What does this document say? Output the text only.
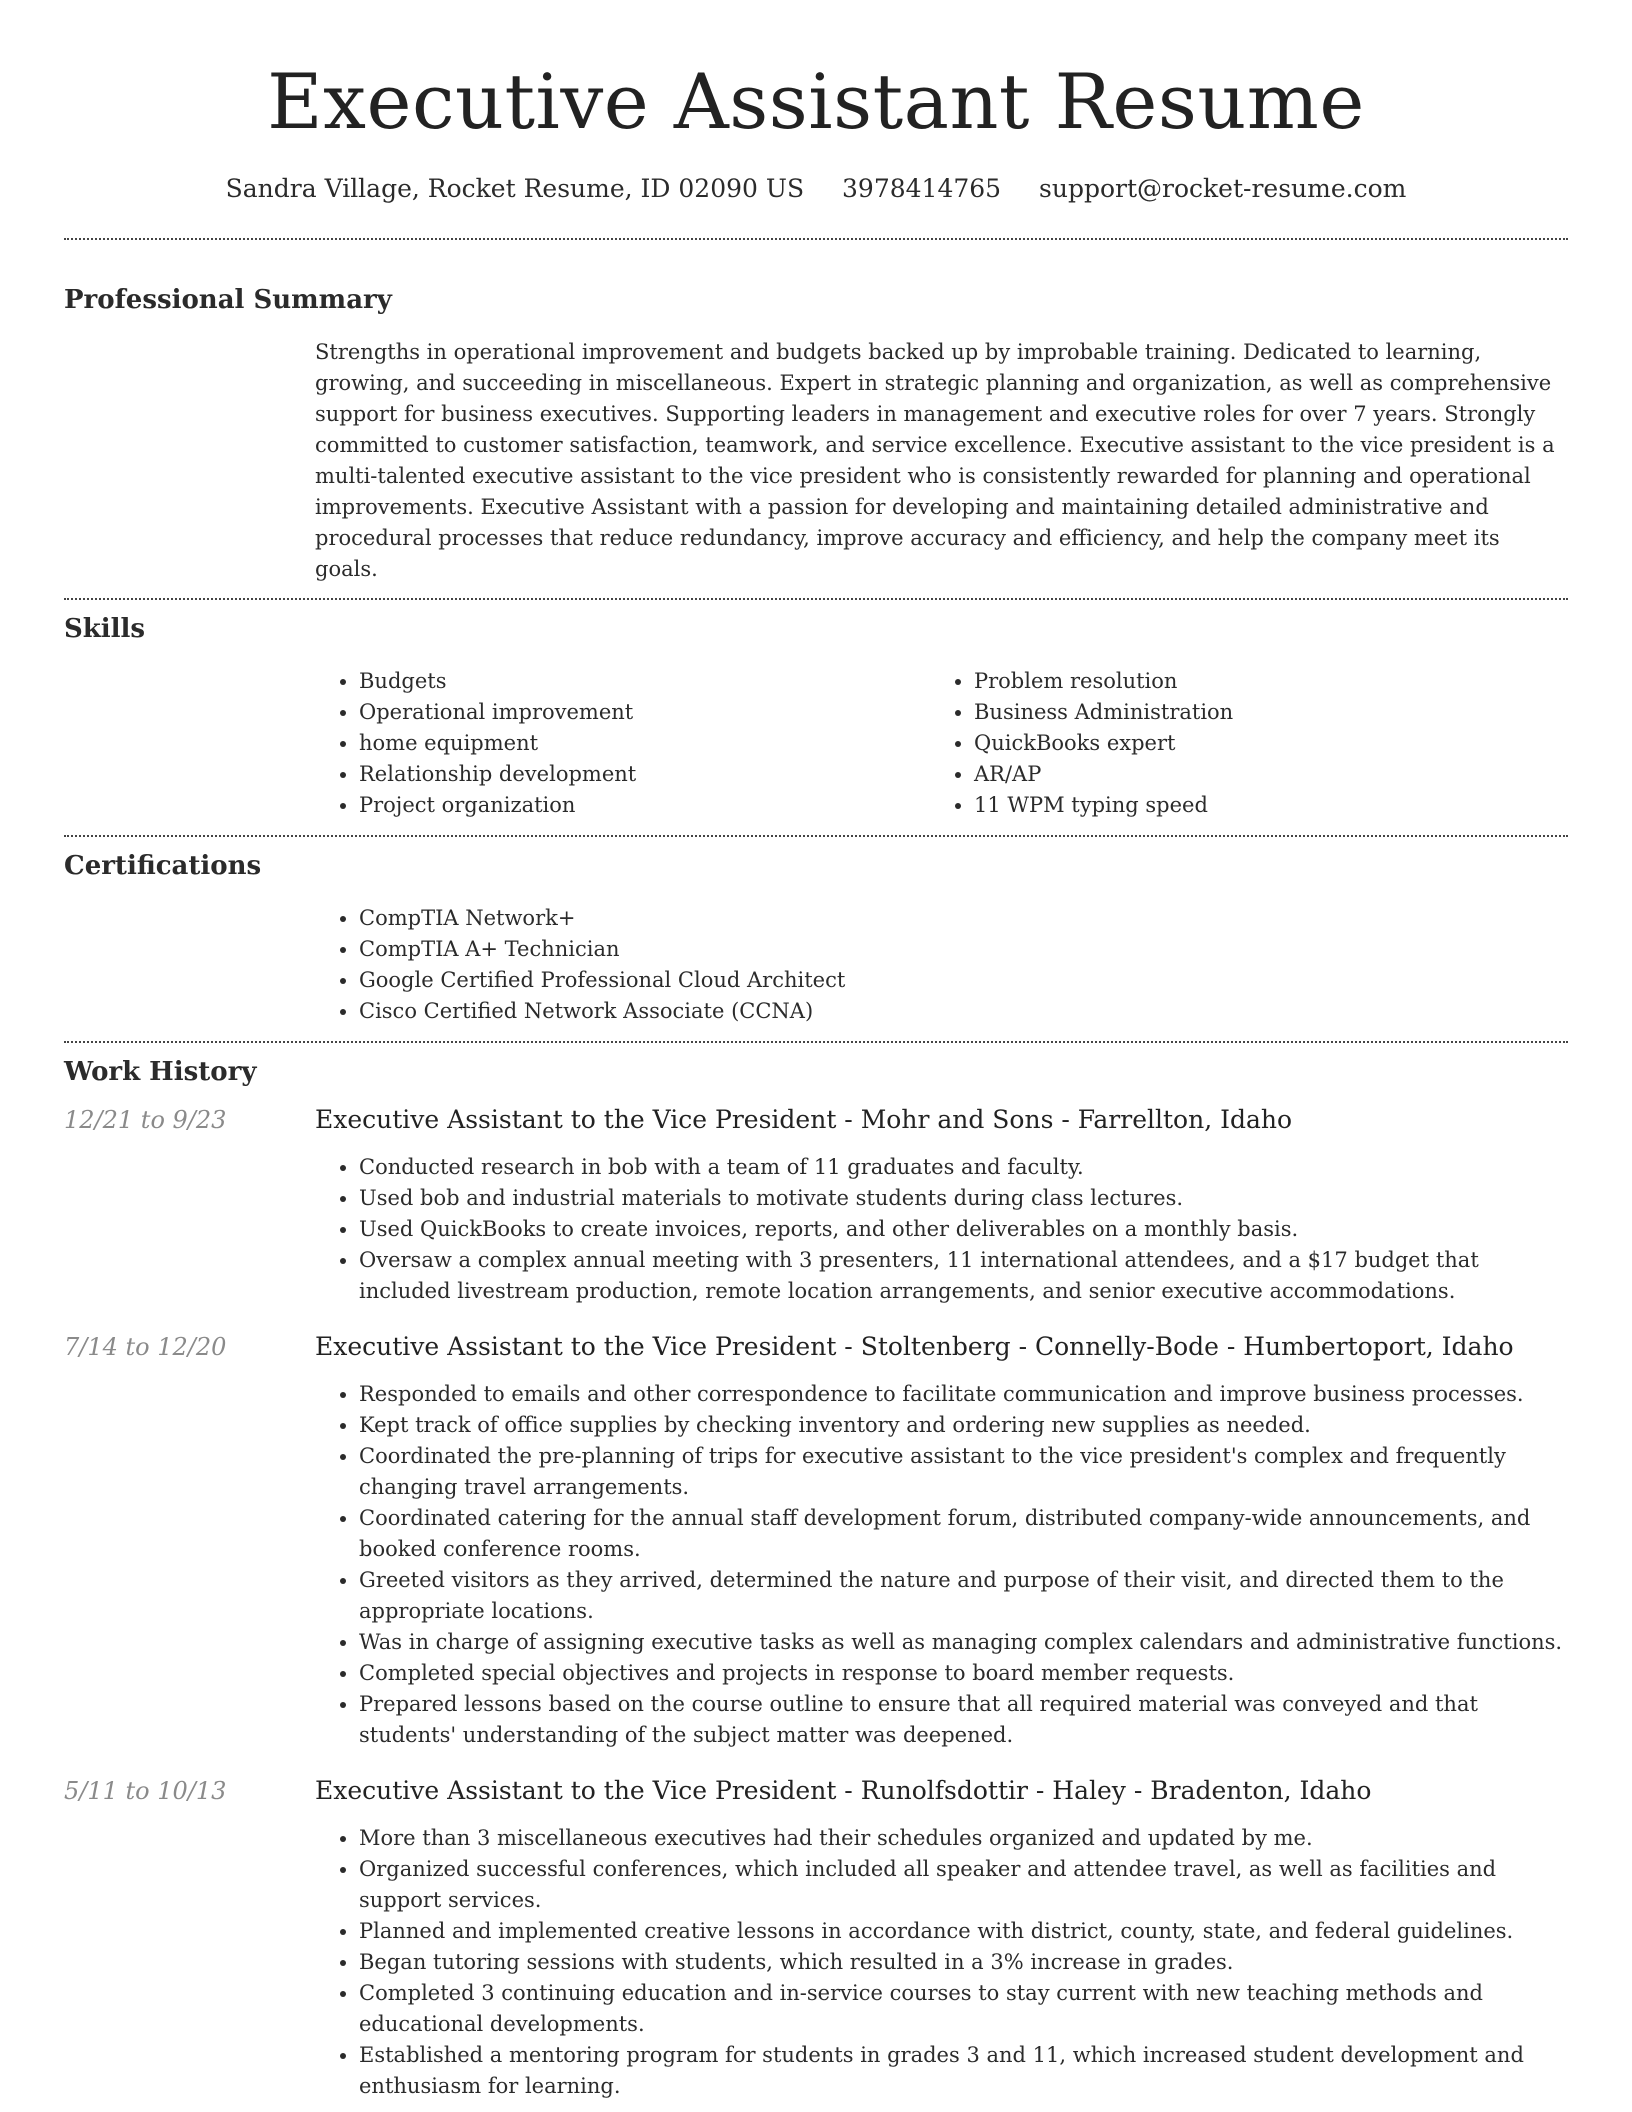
Executive Assistant Resume
Sandra Village, Rocket Resume, ID 02090 US 3978414765 support@rocket-resume.com
Professional Summary

Strengths in operational improvement and budgets backed up by improbable training. Dedicated to learning, growing, and succeeding in miscellaneous. Expert in strategic planning and organization, as well as comprehensive support for business executives. Supporting leaders in management and executive roles for over 7 years. Strongly committed to customer satisfaction, teamwork, and service excellence. Executive assistant to the vice president is a multi-talented executive assistant to the vice president who is consistently rewarded for planning and operational improvements. Executive Assistant with a passion for developing and maintaining detailed administrative and procedural processes that reduce redundancy, improve accuracy and efficiency, and help the company meet its goals.

Skills
• Budgets
• Operational improvement
• home equipment
• Relationship development
• Project organization
• Problem resolution
• Business Administration
• QuickBooks expert
• AR/AP
• 11 WPM typing speed
Certifications
• CompTIA Network+
• CompTIA A+ Technician
• Google Certified Professional Cloud Architect
• Cisco Certified Network Associate (CCNA)
Work History
12/21 to 9/23	Executive Assistant to the Vice President - Mohr and Sons - Farrellton, Idaho
• Conducted research in bob with a team of 11 graduates and faculty.
• Used bob and industrial materials to motivate students during class lectures.
• Used QuickBooks to create invoices, reports, and other deliverables on a monthly basis.
• Oversaw a complex annual meeting with 3 presenters, 11 international attendees, and a $17 budget that included livestream production, remote location arrangements, and senior executive accommodations.
7/14 to 12/20	Executive Assistant to the Vice President - Stoltenberg - Connelly-Bode - Humbertoport, Idaho
• Responded to emails and other correspondence to facilitate communication and improve business processes.
• Kept track of office supplies by checking inventory and ordering new supplies as needed.
• Coordinated the pre-planning of trips for executive assistant to the vice president's complex and frequently changing travel arrangements.
• Coordinated catering for the annual staff development forum, distributed company-wide announcements, and booked conference rooms.
• Greeted visitors as they arrived, determined the nature and purpose of their visit, and directed them to the appropriate locations.
• Was in charge of assigning executive tasks as well as managing complex calendars and administrative functions.
• Completed special objectives and projects in response to board member requests.
• Prepared lessons based on the course outline to ensure that all required material was conveyed and that students' understanding of the subject matter was deepened.
5/11 to 10/13	Executive Assistant to the Vice President - Runolfsdottir - Haley - Bradenton, Idaho
• More than 3 miscellaneous executives had their schedules organized and updated by me.
• Organized successful conferences, which included all speaker and attendee travel, as well as facilities and support services.
• Planned and implemented creative lessons in accordance with district, county, state, and federal guidelines.
• Began tutoring sessions with students, which resulted in a 3% increase in grades.
• Completed 3 continuing education and in-service courses to stay current with new teaching methods and educational developments.
• Established a mentoring program for students in grades 3 and 11, which increased student development and enthusiasm for learning.
